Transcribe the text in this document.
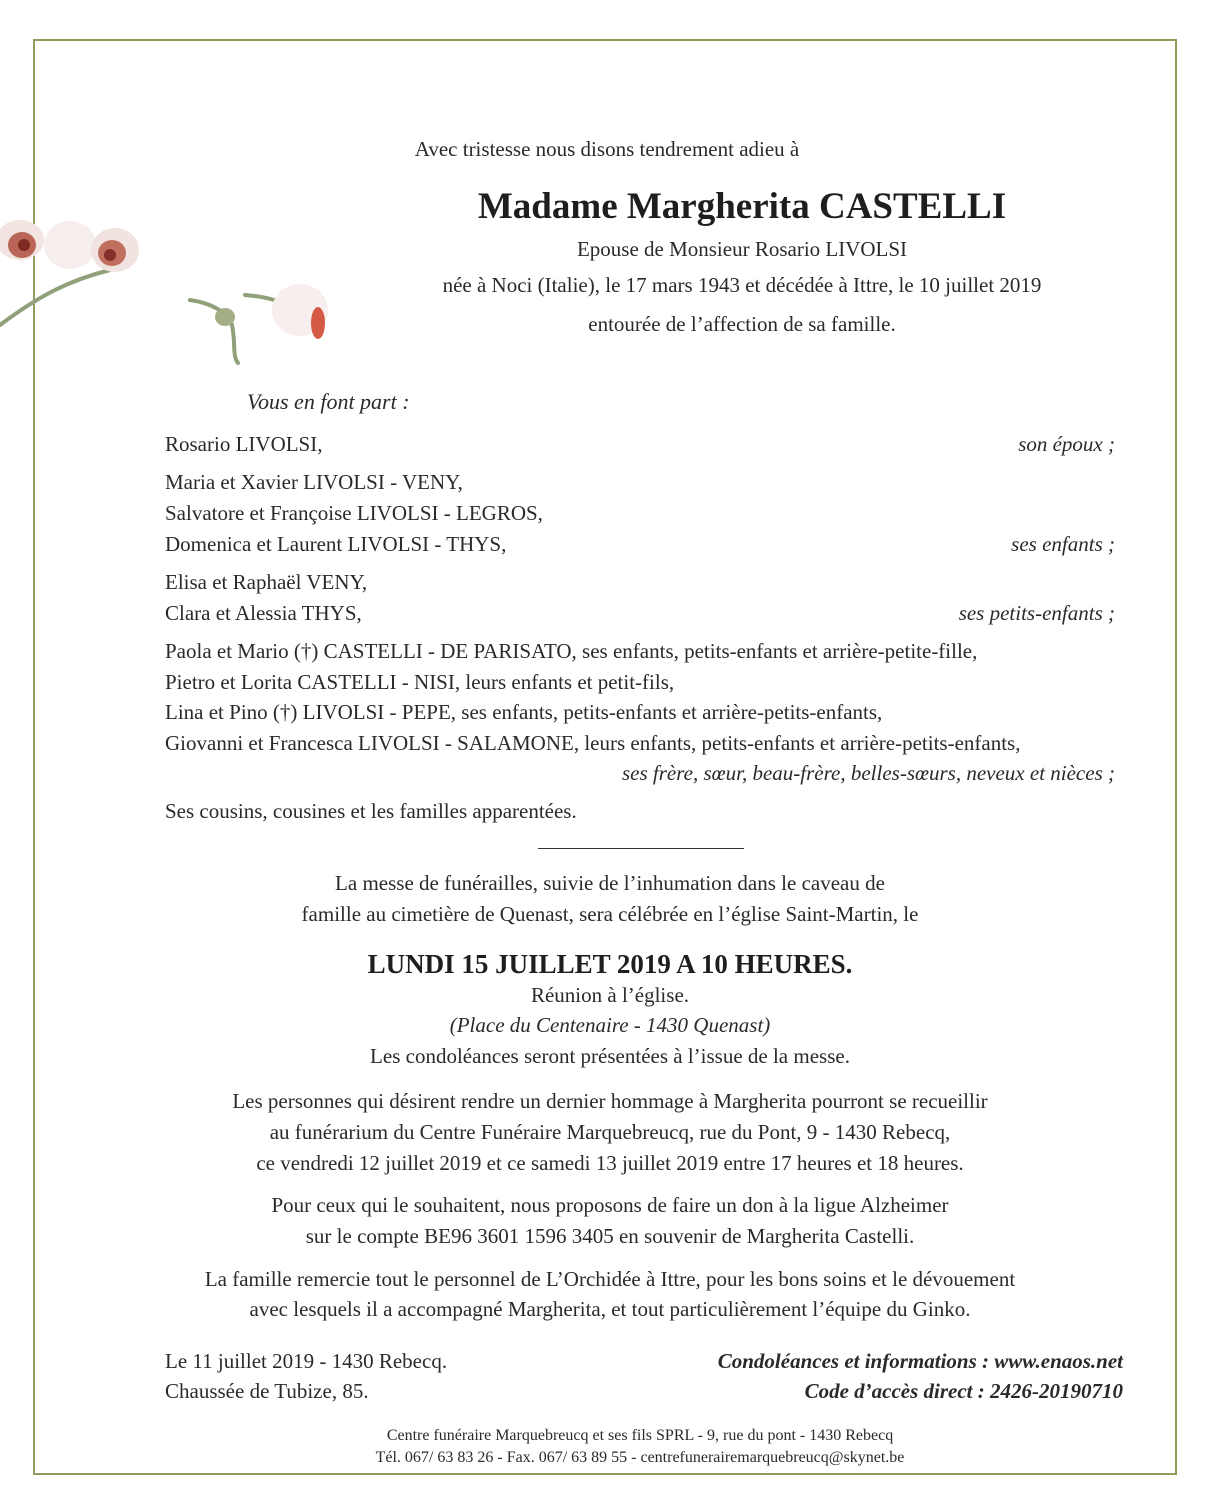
Avec tristesse nous disons tendrement adieu à
Madame Margherita CASTELLI
Epouse de Monsieur Rosario LIVOLSI
née à Noci (Italie), le 17 mars 1943 et décédée à Ittre, le 10 juillet 2019
entourée de l’affection de sa famille.
Vous en font part :
Rosario LIVOLSI,	son époux ;
Maria et Xavier LIVOLSI - VENY,
Salvatore et Françoise LIVOLSI - LEGROS,
Domenica et Laurent LIVOLSI - THYS,	ses enfants ;
Elisa et Raphaël VENY,
Clara et Alessia THYS,	ses petits-enfants ;
Paola et Mario (†) CASTELLI - DE PARISATO, ses enfants, petits-enfants et arrière-petite-fille,
Pietro et Lorita CASTELLI - NISI, leurs enfants et petit-fils,
Lina et Pino (†) LIVOLSI - PEPE, ses enfants, petits-enfants et arrière-petits-enfants,
Giovanni et Francesca LIVOLSI - SALAMONE, leurs enfants, petits-enfants et arrière-petits-enfants,
ses frère, sœur, beau-frère, belles-sœurs, neveux et nièces ;
Ses cousins, cousines et les familles apparentées.
La messe de funérailles, suivie de l’inhumation dans le caveau de
famille au cimetière de Quenast, sera célébrée en l’église Saint-Martin, le
LUNDI 15 JUILLET 2019 A 10 HEURES.
Réunion à l’église.
(Place du Centenaire - 1430 Quenast)
Les condoléances seront présentées à l’issue de la messe.
Les personnes qui désirent rendre un dernier hommage à Margherita pourront se recueillir
au funérarium du Centre Funéraire Marquebreucq, rue du Pont, 9 - 1430 Rebecq,
ce vendredi 12 juillet 2019 et ce samedi 13 juillet 2019 entre 17 heures et 18 heures.
Pour ceux qui le souhaitent, nous proposons de faire un don à la ligue Alzheimer
sur le compte BE96 3601 1596 3405 en souvenir de Margherita Castelli.
La famille remercie tout le personnel de L’Orchidée à Ittre, pour les bons soins et le dévouement
avec lesquels il a accompagné Margherita, et tout particulièrement l’équipe du Ginko.
Le 11 juillet 2019 - 1430 Rebecq.
Chaussée de Tubize, 85.
Condoléances et informations : www.enaos.net
Code d’accès direct : 2426-20190710
Centre funéraire Marquebreucq et ses fils SPRL - 9, rue du pont - 1430 Rebecq
Tél. 067/ 63 83 26 - Fax. 067/ 63 89 55 - centrefunerairemarquebreucq@skynet.be
